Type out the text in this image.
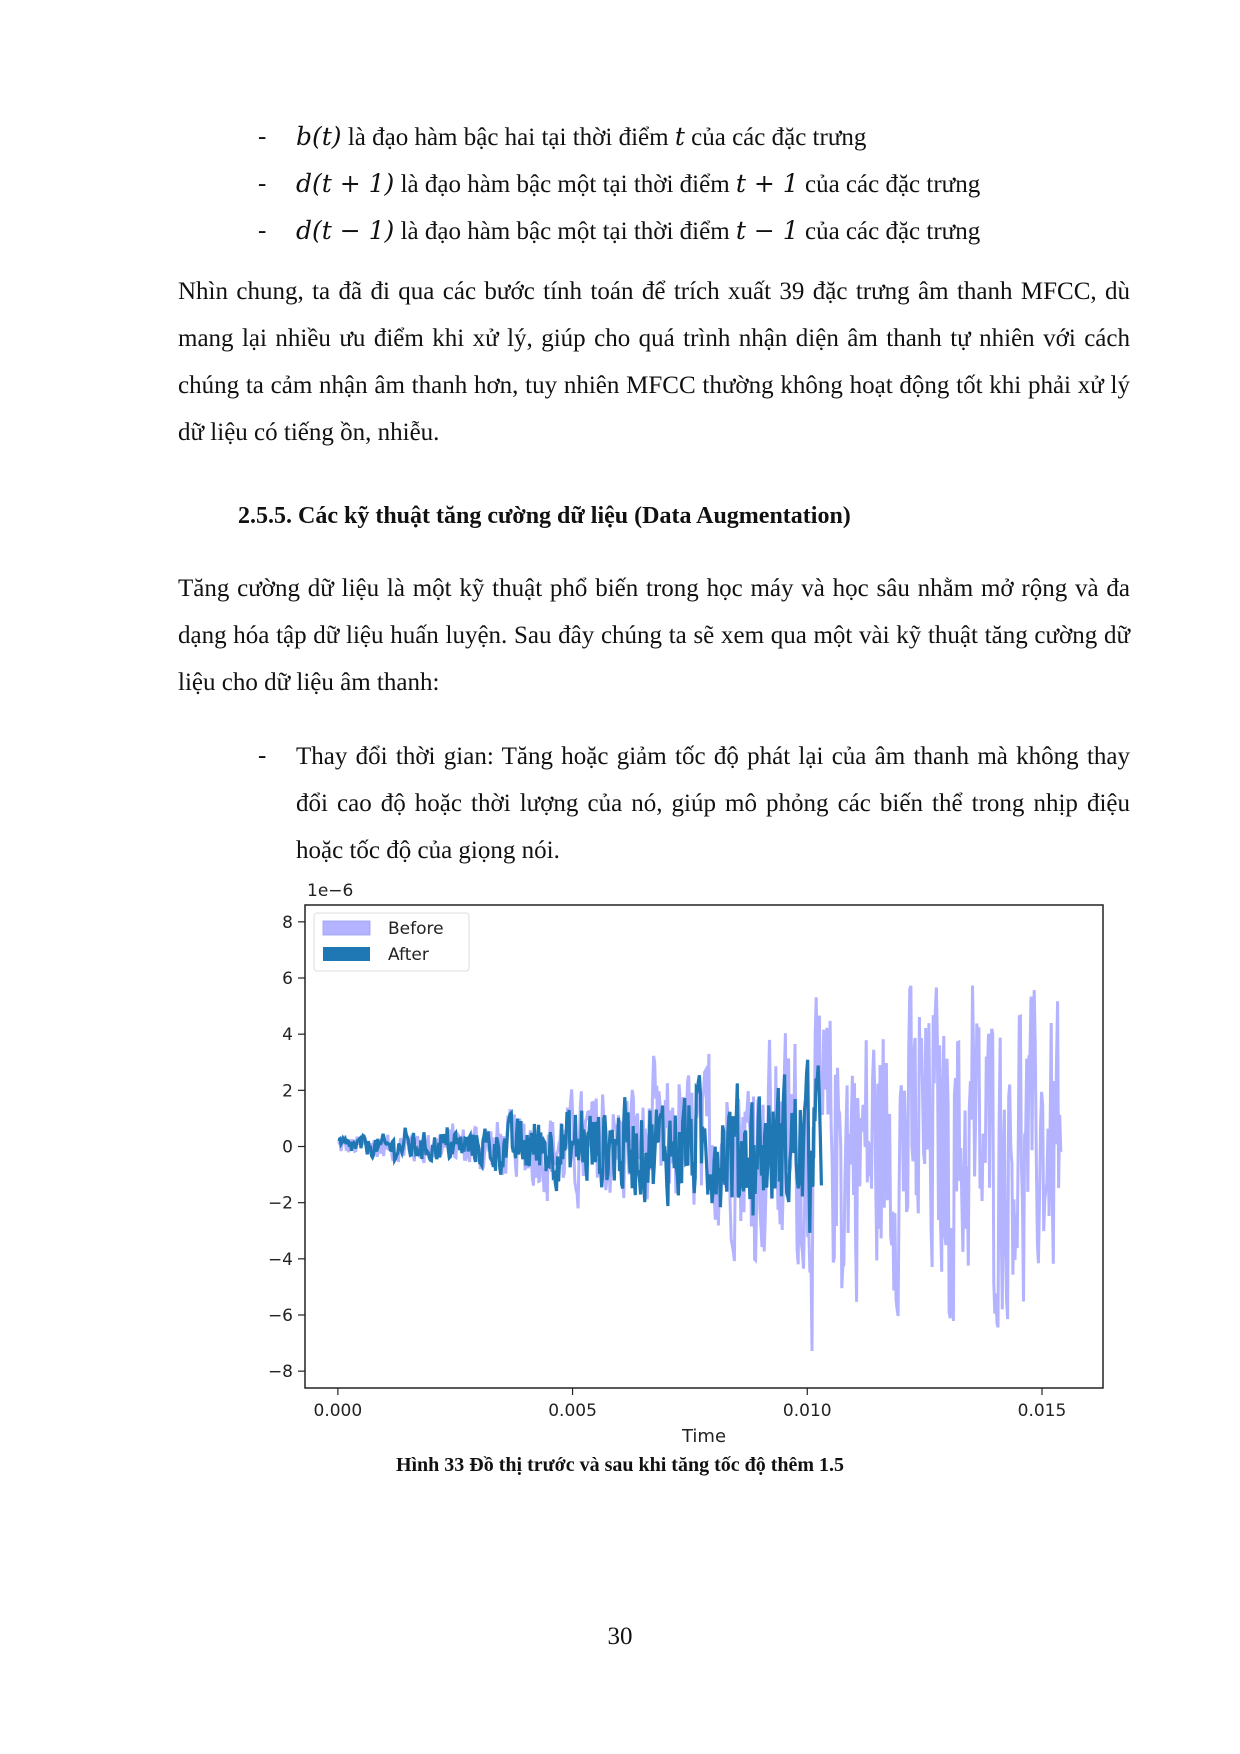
- b(t) là đạo hàm bậc hai tại thời điểm t của các đặc trưng
- d(t + 1) là đạo hàm bậc một tại thời điểm t + 1 của các đặc trưng
- d(t − 1) là đạo hàm bậc một tại thời điểm t − 1 của các đặc trưng

Nhìn chung, ta đã đi qua các bước tính toán để trích xuất 39 đặc trưng âm thanh MFCC, dù mang lại nhiều ưu điểm khi xử lý, giúp cho quá trình nhận diện âm thanh tự nhiên với cách chúng ta cảm nhận âm thanh hơn, tuy nhiên MFCC thường không hoạt động tốt khi phải xử lý dữ liệu có tiếng ồn, nhiễu.

2.5.5. Các kỹ thuật tăng cường dữ liệu (Data Augmentation)

Tăng cường dữ liệu là một kỹ thuật phổ biến trong học máy và học sâu nhằm mở rộng và đa dạng hóa tập dữ liệu huấn luyện. Sau đây chúng ta sẽ xem qua một vài kỹ thuật tăng cường dữ liệu cho dữ liệu âm thanh:

- Thay đổi thời gian: Tăng hoặc giảm tốc độ phát lại của âm thanh mà không thay đổi cao độ hoặc thời lượng của nó, giúp mô phỏng các biến thể trong nhịp điệu hoặc tốc độ của giọng nói.

1e−6
8
6
4
2
0
−2
−4
−6
−8
0.000	0.005	0.010	0.015
Time
Before
After
Hình 33 Đồ thị trước và sau khi tăng tốc độ thêm 1.5
30
